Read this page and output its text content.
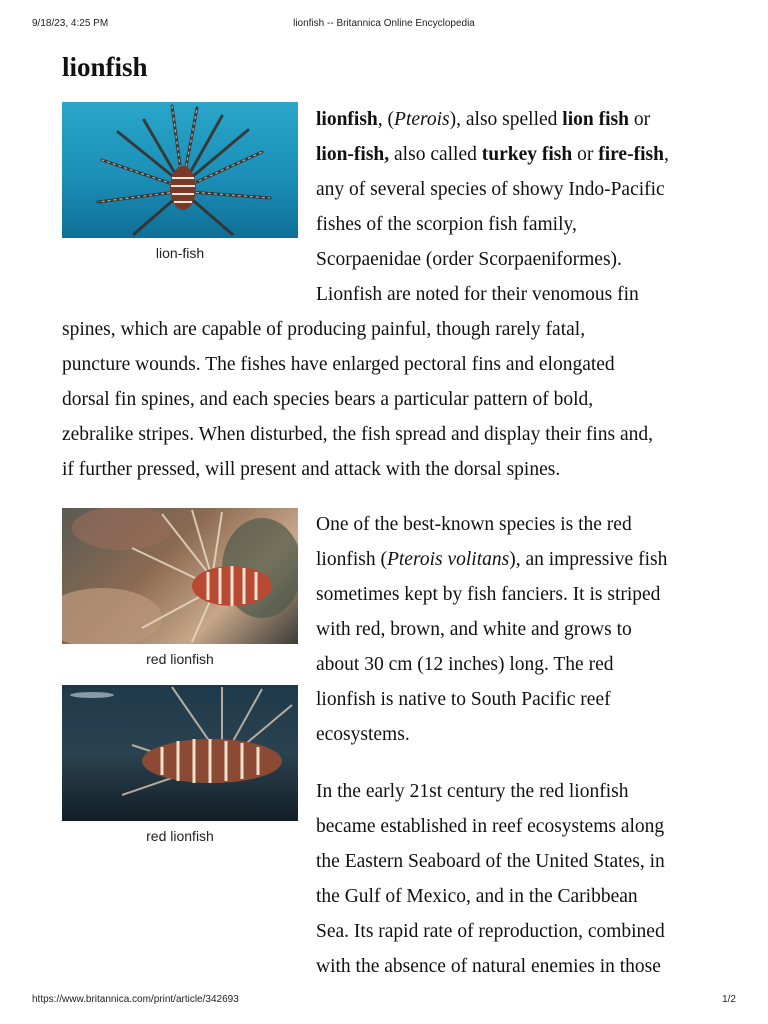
9/18/23, 4:25 PM	lionfish -- Britannica Online Encyclopedia
lionfish
lion-fish
red lionfish
red lionfish
lionfish, (Pterois), also spelled lion fish or
lion-fish, also called turkey fish or fire-fish,
any of several species of showy Indo-Pacific
fishes of the scorpion fish family,
Scorpaenidae (order Scorpaeniformes).
Lionfish are noted for their venomous fin
spines, which are capable of producing painful, though rarely fatal,
puncture wounds. The fishes have enlarged pectoral fins and elongated
dorsal fin spines, and each species bears a particular pattern of bold,
zebralike stripes. When disturbed, the fish spread and display their fins and,
if further pressed, will present and attack with the dorsal spines.
One of the best-known species is the red
lionfish (Pterois volitans), an impressive fish
sometimes kept by fish fanciers. It is striped
with red, brown, and white and grows to
about 30 cm (12 inches) long. The red
lionfish is native to South Pacific reef
ecosystems.
In the early 21st century the red lionfish
became established in reef ecosystems along
the Eastern Seaboard of the United States, in
the Gulf of Mexico, and in the Caribbean
Sea. Its rapid rate of reproduction, combined
with the absence of natural enemies in those
https://www.britannica.com/print/article/342693	1/2
